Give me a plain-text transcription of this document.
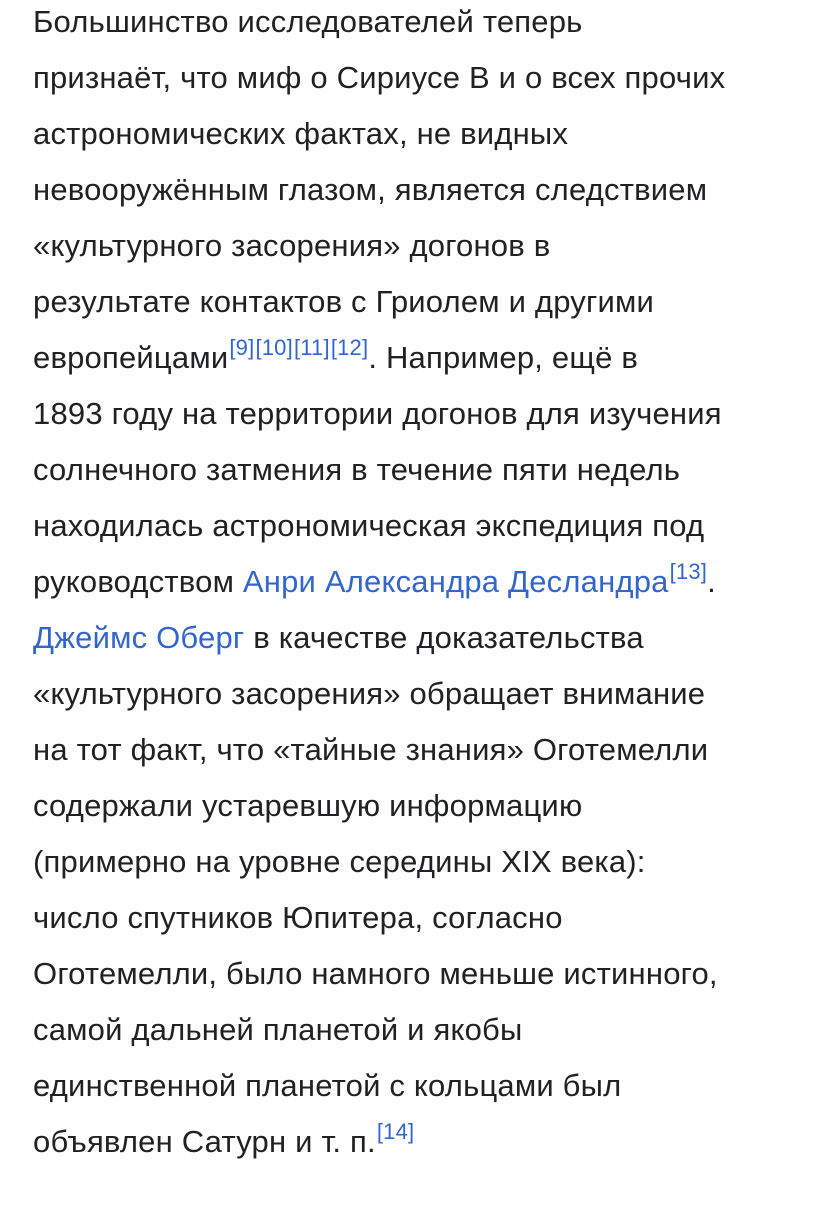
Большинство исследователей теперь
признаёт, что миф о Сириусе B и о всех прочих
астрономических фактах, не видных
невооружённым глазом, является следствием
«культурного засорения» догонов в
результате контактов с Гриолем и другими
европейцами[9][10][11][12]. Например, ещё в
1893 году на территории догонов для изучения
солнечного затмения в течение пяти недель
находилась астрономическая экспедиция под
руководством Анри Александра Десландра[13].
Джеймс Оберг в качестве доказательства
«культурного засорения» обращает внимание
на тот факт, что «тайные знания» Оготемелли
содержали устаревшую информацию
(примерно на уровне середины XIX века):
число спутников Юпитера, согласно
Оготемелли, было намного меньше истинного,
самой дальней планетой и якобы
единственной планетой с кольцами был
объявлен Сатурн и т. п.[14]
